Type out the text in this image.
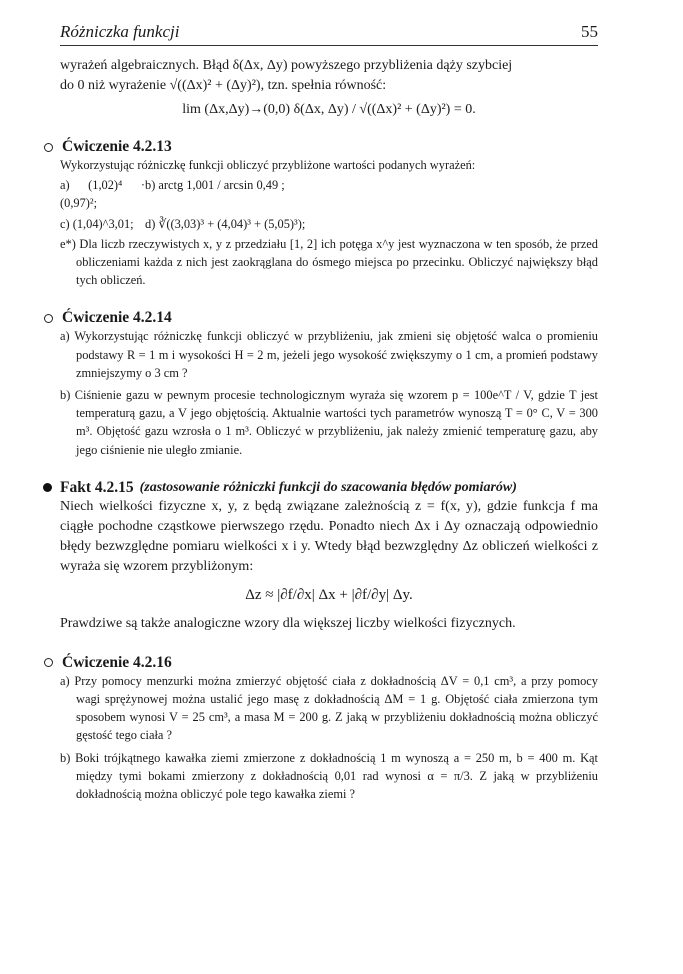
Różniczka funkcji	55
wyrażeń algebraicznych. Błąd δ(Δx, Δy) powyższego przybliżenia dąży szybciej
do 0 niż wyrażenie √((Δx)² + (Δy)²), tzn. spełnia równość:
lim (Δx,Δy)→(0,0) δ(Δx, Δy) / √((Δx)² + (Δy)²) = 0.
Ćwiczenie 4.2.13
Wykorzystując różniczkę funkcji obliczyć przybliżone wartości podanych wyrażeń:
a) (1,02)⁴ · (0,97)²;
b) arctg 1,001 / arcsin 0,49 ;
c) (1,04)^3,01; d) ∛((3,03)³ + (4,04)³ + (5,05)³);
e*) Dla liczb rzeczywistych x, y z przedziału [1, 2] ich potęga x^y jest wyznaczona w ten sposób, że przed obliczeniami każda z nich jest zaokrąglana do ósmego miejsca po przecinku. Obliczyć największy błąd tych obliczeń.
Ćwiczenie 4.2.14
a) Wykorzystując różniczkę funkcji obliczyć w przybliżeniu, jak zmieni się objętość walca o promieniu podstawy R = 1 m i wysokości H = 2 m, jeżeli jego wysokość zwiększymy o 1 cm, a promień podstawy zmniejszymy o 3 cm ?
b) Ciśnienie gazu w pewnym procesie technologicznym wyraża się wzorem p = 100e^T / V, gdzie T jest temperaturą gazu, a V jego objętością. Aktualnie wartości tych parametrów wynoszą T = 0° C, V = 300 m³. Objętość gazu wzrosła o 1 m³. Obliczyć w przybliżeniu, jak należy zmienić temperaturę gazu, aby jego ciśnienie nie uległo zmianie.
Fakt 4.2.15 (zastosowanie różniczki funkcji do szacowania błędów pomiarów)
Niech wielkości fizyczne x, y, z będą związane zależnością z = f(x, y), gdzie funkcja f ma ciągłe pochodne cząstkowe pierwszego rzędu. Ponadto niech Δx i Δy oznaczają odpowiednio błędy bezwzględne pomiaru wielkości x i y. Wtedy błąd bezwzględny Δz obliczeń wielkości z wyraża się wzorem przybliżonym:
Δz ≈ |∂f/∂x| Δx + |∂f/∂y| Δy.
Prawdziwe są także analogiczne wzory dla większej liczby wielkości fizycznych.
Ćwiczenie 4.2.16
a) Przy pomocy menzurki można zmierzyć objętość ciała z dokładnością ΔV = 0,1 cm³, a przy pomocy wagi sprężynowej można ustalić jego masę z dokładnością ΔM = 1 g. Objętość ciała zmierzona tym sposobem wynosi V = 25 cm³, a masa M = 200 g. Z jaką w przybliżeniu dokładnością można obliczyć gęstość tego ciała ?
b) Boki trójkątnego kawałka ziemi zmierzone z dokładnością 1 m wynoszą a = 250 m, b = 400 m. Kąt między tymi bokami zmierzony z dokładnością 0,01 rad wynosi α = π/3. Z jaką w przybliżeniu dokładnością można obliczyć pole tego kawałka ziemi ?
